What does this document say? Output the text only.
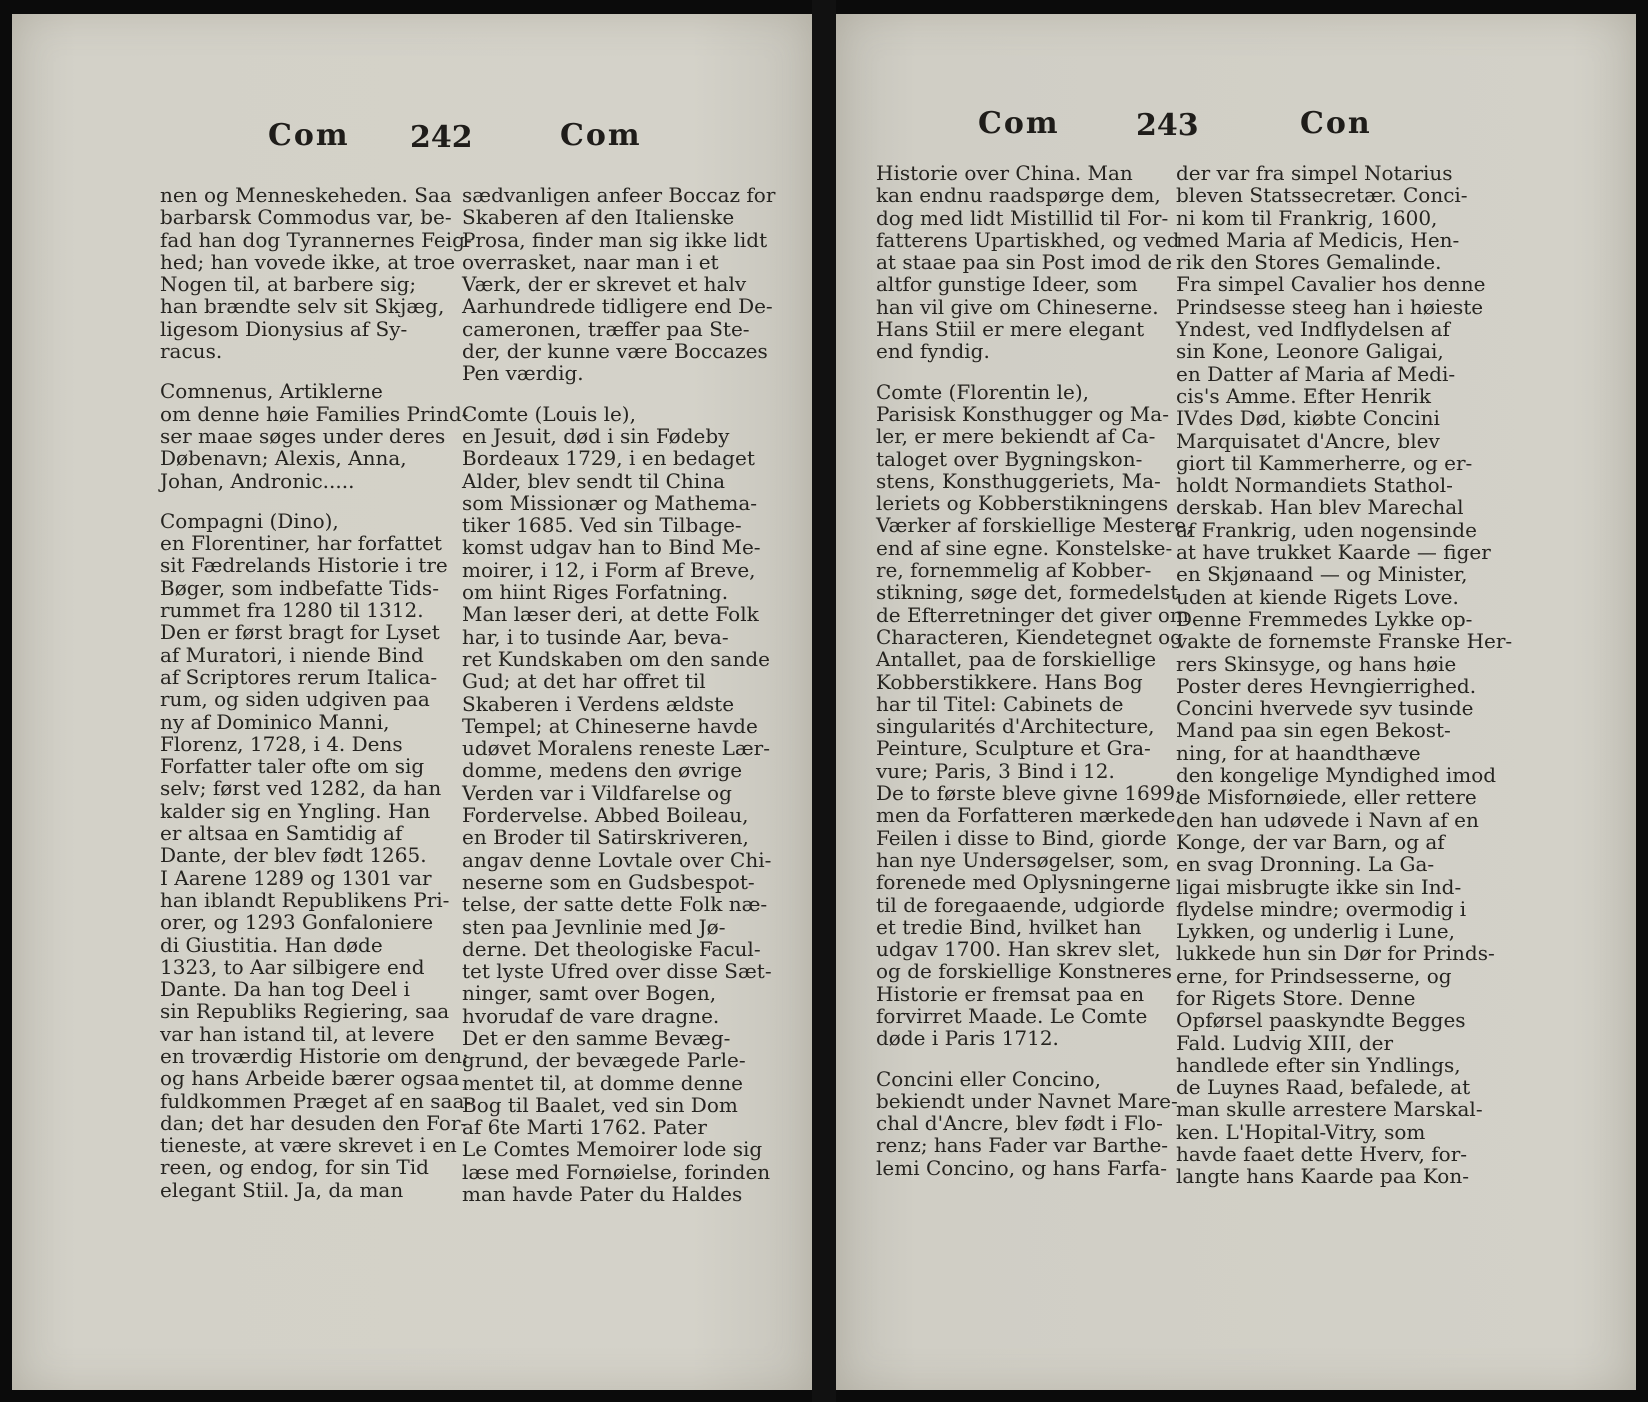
Com 242	Com
nen og Menneskeheden. Saa
barbarsk Commodus var, be-
fad han dog Tyrannernes Feig-
hed; han vovede ikke, at troe
Nogen til, at barbere sig;
han brændte selv sit Skjæg,
ligesom Dionysius af Sy-
racus.
Comnenus, Artiklerne
om denne høie Families Prind-
ser maae søges under deres
Døbenavn; Alexis, Anna,
Johan, Andronic.....
Compagni (Dino),
en Florentiner, har forfattet
sit Fædrelands Historie i tre
Bøger, som indbefatte Tids-
rummet fra 1280 til 1312.
Den er først bragt for Lyset
af Muratori, i niende Bind
af Scriptores rerum Italica-
rum, og siden udgiven paa
ny af Dominico Manni,
Florenz, 1728, i 4. Dens
Forfatter taler ofte om sig
selv; først ved 1282, da han
kalder sig en Yngling. Han
er altsaa en Samtidig af
Dante, der blev født 1265.
I Aarene 1289 og 1301 var
han iblandt Republikens Pri-
orer, og 1293 Gonfaloniere
di Giustitia. Han døde
1323, to Aar silbigere end
Dante. Da han tog Deel i
sin Republiks Regiering, saa
var han istand til, at levere
en troværdig Historie om den;
og hans Arbeide bærer ogsaa
fuldkommen Præget af en saa-
dan; det har desuden den For-
tieneste, at være skrevet i en
reen, og endog, for sin Tid
elegant Stiil. Ja, da man
sædvanligen anfeer Boccaz for
Skaberen af den Italienske
Prosa, finder man sig ikke lidt
overrasket, naar man i et
Værk, der er skrevet et halv
Aarhundrede tidligere end De-
cameronen, træffer paa Ste-
der, der kunne være Boccazes
Pen værdig.
Comte (Louis le),
en Jesuit, død i sin Fødeby
Bordeaux 1729, i en bedaget
Alder, blev sendt til China
som Missionær og Mathema-
tiker 1685. Ved sin Tilbage-
komst udgav han to Bind Me-
moirer, i 12, i Form af Breve,
om hiint Riges Forfatning.
Man læser deri, at dette Folk
har, i to tusinde Aar, beva-
ret Kundskaben om den sande
Gud; at det har offret til
Skaberen i Verdens ældste
Tempel; at Chineserne havde
udøvet Moralens reneste Lær-
domme, medens den øvrige
Verden var i Vildfarelse og
Fordervelse. Abbed Boileau,
en Broder til Satirskriveren,
angav denne Lovtale over Chi-
neserne som en Gudsbespot-
telse, der satte dette Folk næ-
sten paa Jevnlinie med Jø-
derne. Det theologiske Facul-
tet lyste Ufred over disse Sæt-
ninger, samt over Bogen,
hvorudaf de vare dragne.
Det er den samme Bevæg-
grund, der bevægede Parle-
mentet til, at domme denne
Bog til Baalet, ved sin Dom
af 6te Marti 1762. Pater
Le Comtes Memoirer lode sig
læse med Fornøielse, forinden
man havde Pater du Haldes
Com	243	Con
Historie over China. Man
kan endnu raadspørge dem,
dog med lidt Mistillid til For-
fatterens Upartiskhed, og ved
at staae paa sin Post imod de
altfor gunstige Ideer, som
han vil give om Chineserne.
Hans Stiil er mere elegant
end fyndig.
Comte (Florentin le),
Parisisk Konsthugger og Ma-
ler, er mere bekiendt af Ca-
taloget over Bygningskon-
stens, Konsthuggeriets, Ma-
leriets og Kobberstikningens
Værker af forskiellige Mestere,
end af sine egne. Konstelske-
re, fornemmelig af Kobber-
stikning, søge det, formedelst
de Efterretninger det giver om
Characteren, Kiendetegnet og
Antallet, paa de forskiellige
Kobberstikkere. Hans Bog
har til Titel: Cabinets de
singularités d'Architecture,
Peinture, Sculpture et Gra-
vure; Paris, 3 Bind i 12.
De to første bleve givne 1699;
men da Forfatteren mærkede
Feilen i disse to Bind, giorde
han nye Undersøgelser, som,
forenede med Oplysningerne
til de foregaaende, udgiorde
et tredie Bind, hvilket han
udgav 1700. Han skrev slet,
og de forskiellige Konstneres
Historie er fremsat paa en
forvirret Maade. Le Comte
døde i Paris 1712.
Concini eller Concino,
bekiendt under Navnet Mare-
chal d'Ancre, blev født i Flo-
renz; hans Fader var Barthe-
lemi Concino, og hans Farfa-
der var fra simpel Notarius
bleven Statssecretær. Conci-
ni kom til Frankrig, 1600,
med Maria af Medicis, Hen-
rik den Stores Gemalinde.
Fra simpel Cavalier hos denne
Prindsesse steeg han i høieste
Yndest, ved Indflydelsen af
sin Kone, Leonore Galigai,
en Datter af Maria af Medi-
cis's Amme. Efter Henrik
IVdes Død, kiøbte Concini
Marquisatet d'Ancre, blev
giort til Kammerherre, og er-
holdt Normandiets Stathol-
derskab. Han blev Marechal
af Frankrig, uden nogensinde
at have trukket Kaarde — figer
en Skjønaand — og Minister,
uden at kiende Rigets Love.
Denne Fremmedes Lykke op-
vakte de fornemste Franske Her-
rers Skinsyge, og hans høie
Poster deres Hevngierrighed.
Concini hvervede syv tusinde
Mand paa sin egen Bekost-
ning, for at haandthæve
den kongelige Myndighed imod
de Misfornøiede, eller rettere
den han udøvede i Navn af en
Konge, der var Barn, og af
en svag Dronning. La Ga-
ligai misbrugte ikke sin Ind-
flydelse mindre; overmodig i
Lykken, og underlig i Lune,
lukkede hun sin Dør for Prinds-
erne, for Prindsesserne, og
for Rigets Store. Denne
Opførsel paaskyndte Begges
Fald. Ludvig XIII, der
handlede efter sin Yndlings,
de Luynes Raad, befalede, at
man skulle arrestere Marskal-
ken. L'Hopital-Vitry, som
havde faaet dette Hverv, for-
langte hans Kaarde paa Kon-
